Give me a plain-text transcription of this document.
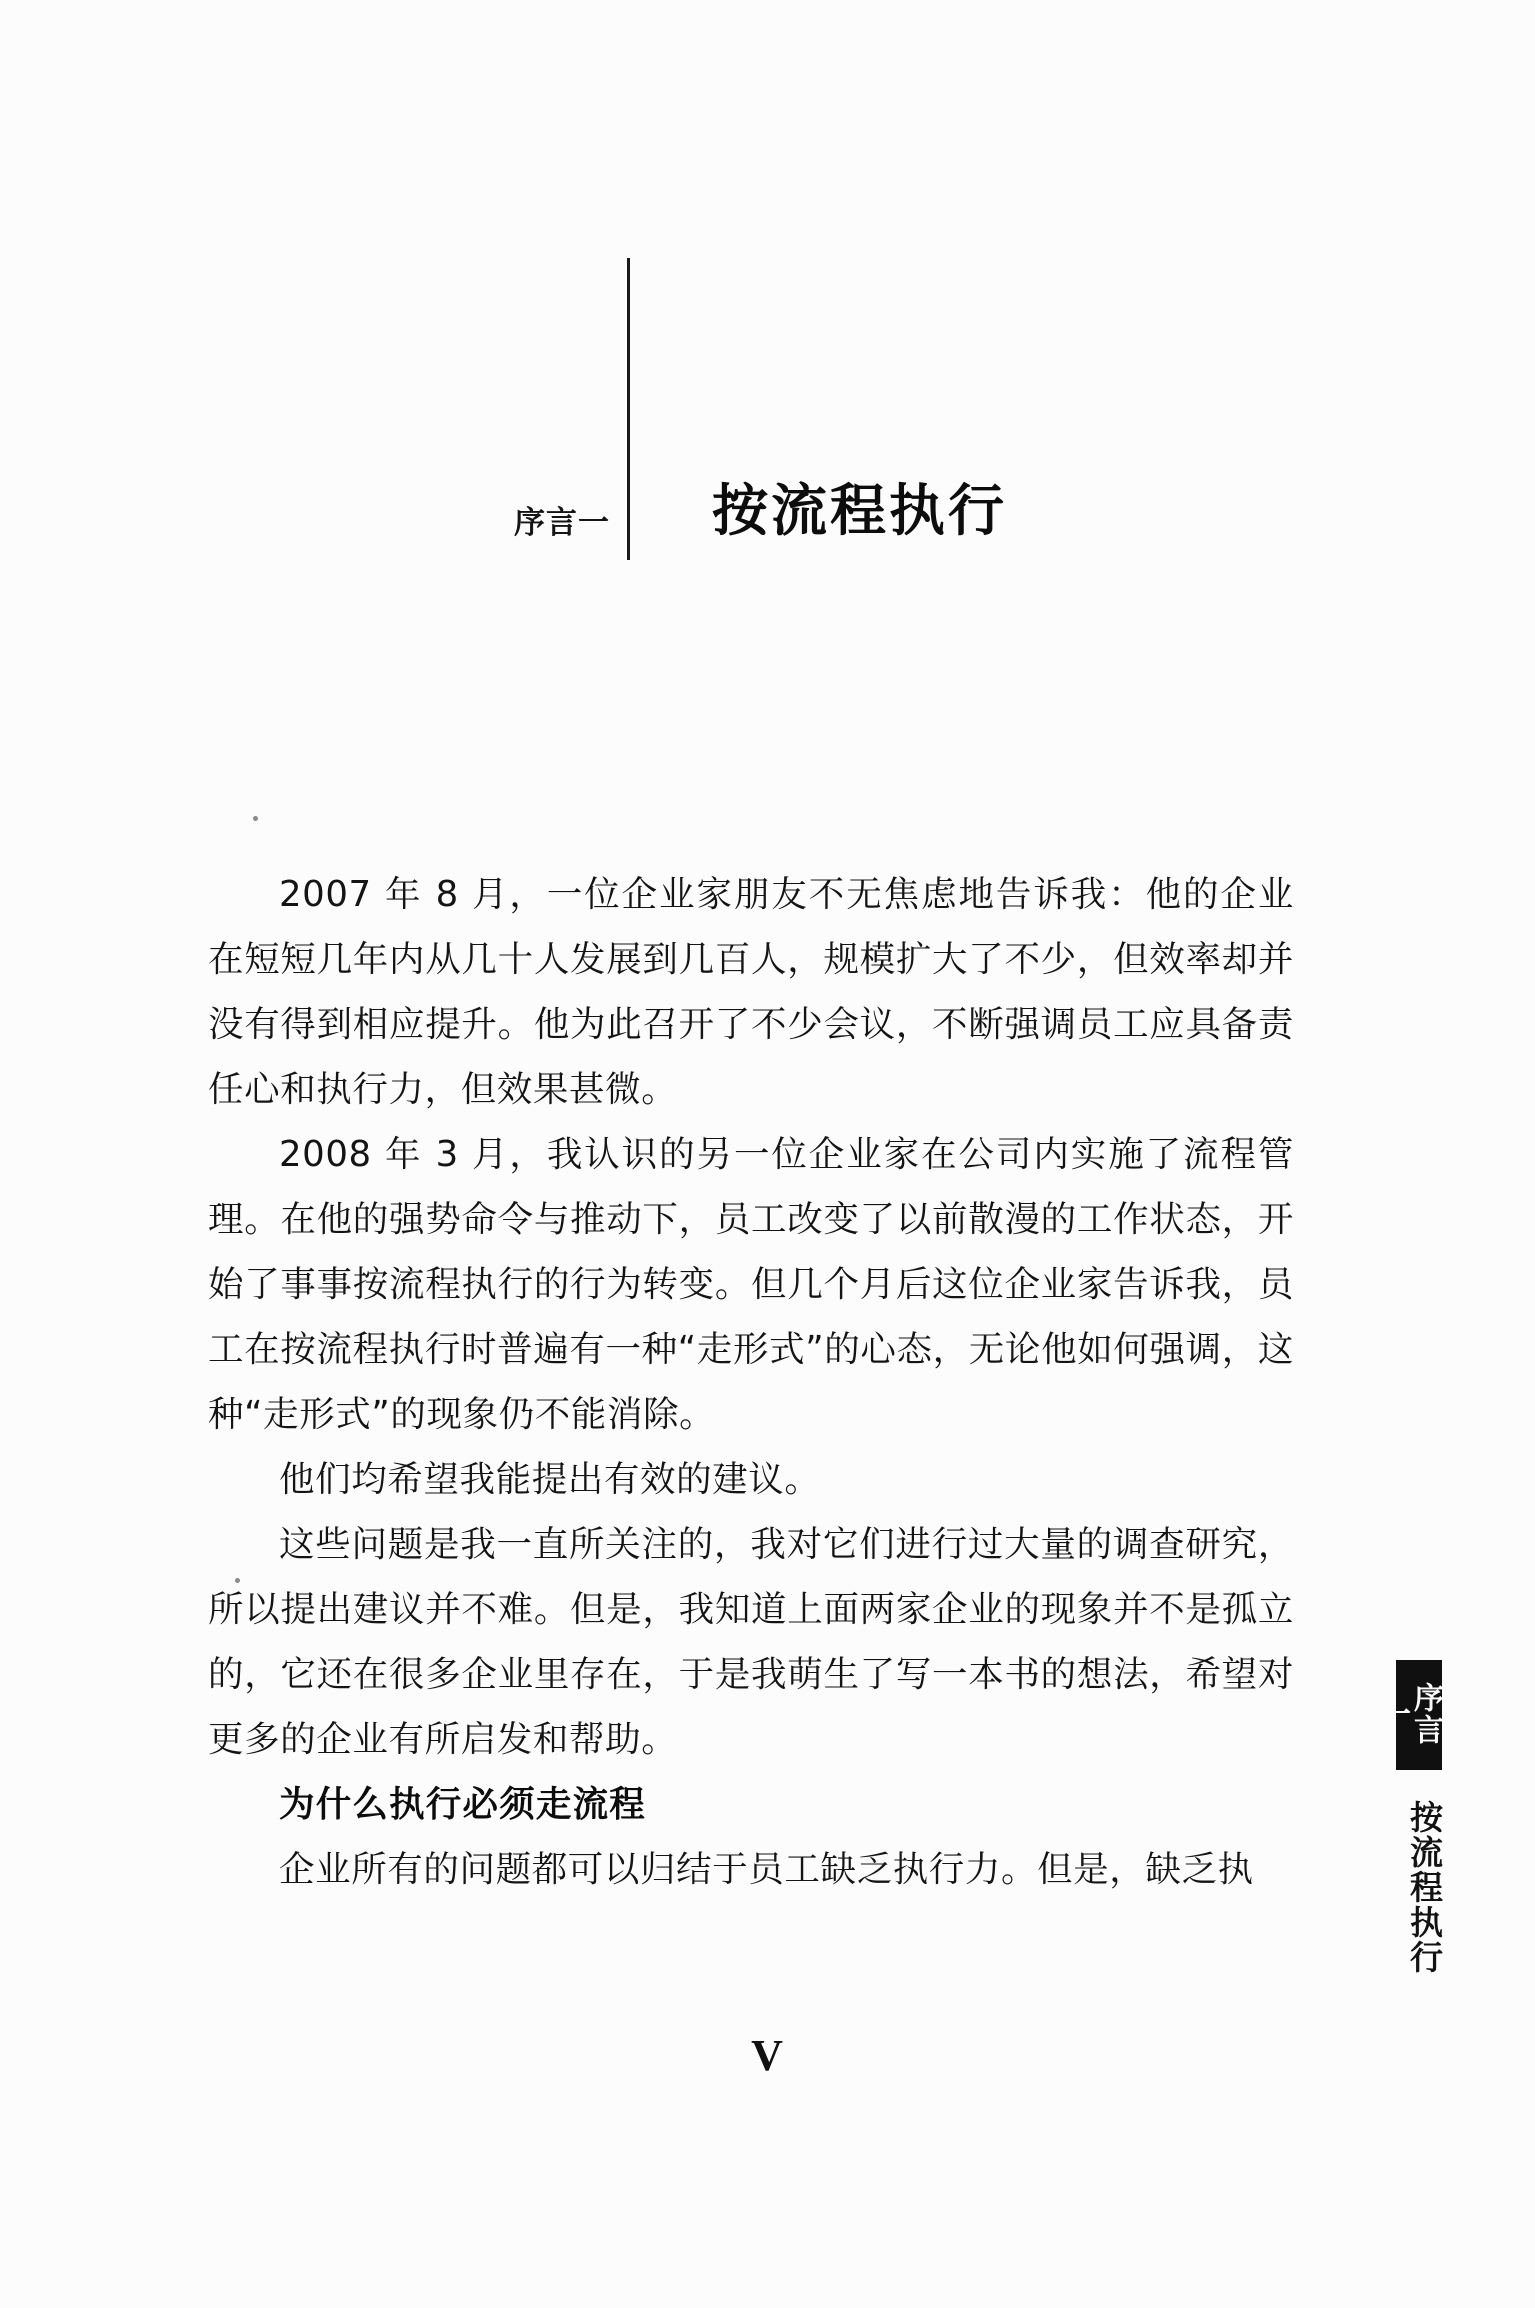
序言一 按流程执行

2007 年 8 月，一位企业家朋友不无焦虑地告诉我：他的企业在短短几年内从几十人发展到几百人，规模扩大了不少，但效率却并没有得到相应提升。他为此召开了不少会议，不断强调员工应具备责任心和执行力，但效果甚微。

2008 年 3 月，我认识的另一位企业家在公司内实施了流程管理。在他的强势命令与推动下，员工改变了以前散漫的工作状态，开始了事事按流程执行的行为转变。但几个月后这位企业家告诉我，员工在按流程执行时普遍有一种“走形式”的心态，无论他如何强调，这种“走形式”的现象仍不能消除。

他们均希望我能提出有效的建议。

这些问题是我一直所关注的，我对它们进行过大量的调查研究，所以提出建议并不难。但是，我知道上面两家企业的现象并不是孤立的，它还在很多企业里存在，于是我萌生了写一本书的想法，希望对更多的企业有所启发和帮助。

为什么执行必须走流程

企业所有的问题都可以归结于员工缺乏执行力。但是，缺乏执

序言一
按流程执行
V
